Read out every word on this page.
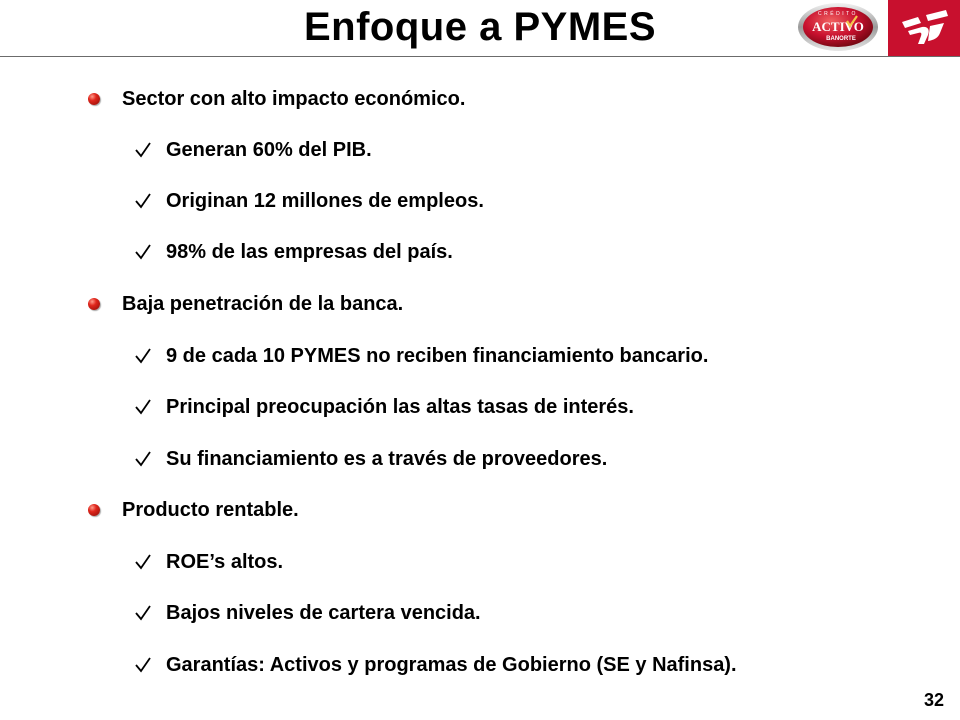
Enfoque a PYMES	CRÉDITO
ACTIVO
BANORTE
Sector con alto impacto económico.
Generan 60% del PIB.
Originan 12 millones de empleos.
98% de las empresas del país.
Baja penetración de la banca.
9 de cada 10 PYMES no reciben financiamiento bancario.
Principal preocupación las altas tasas de interés.
Su financiamiento es a través de proveedores.
Producto rentable.
ROE’s altos.
Bajos niveles de cartera vencida.
Garantías: Activos y programas de Gobierno (SE y Nafinsa).
32
